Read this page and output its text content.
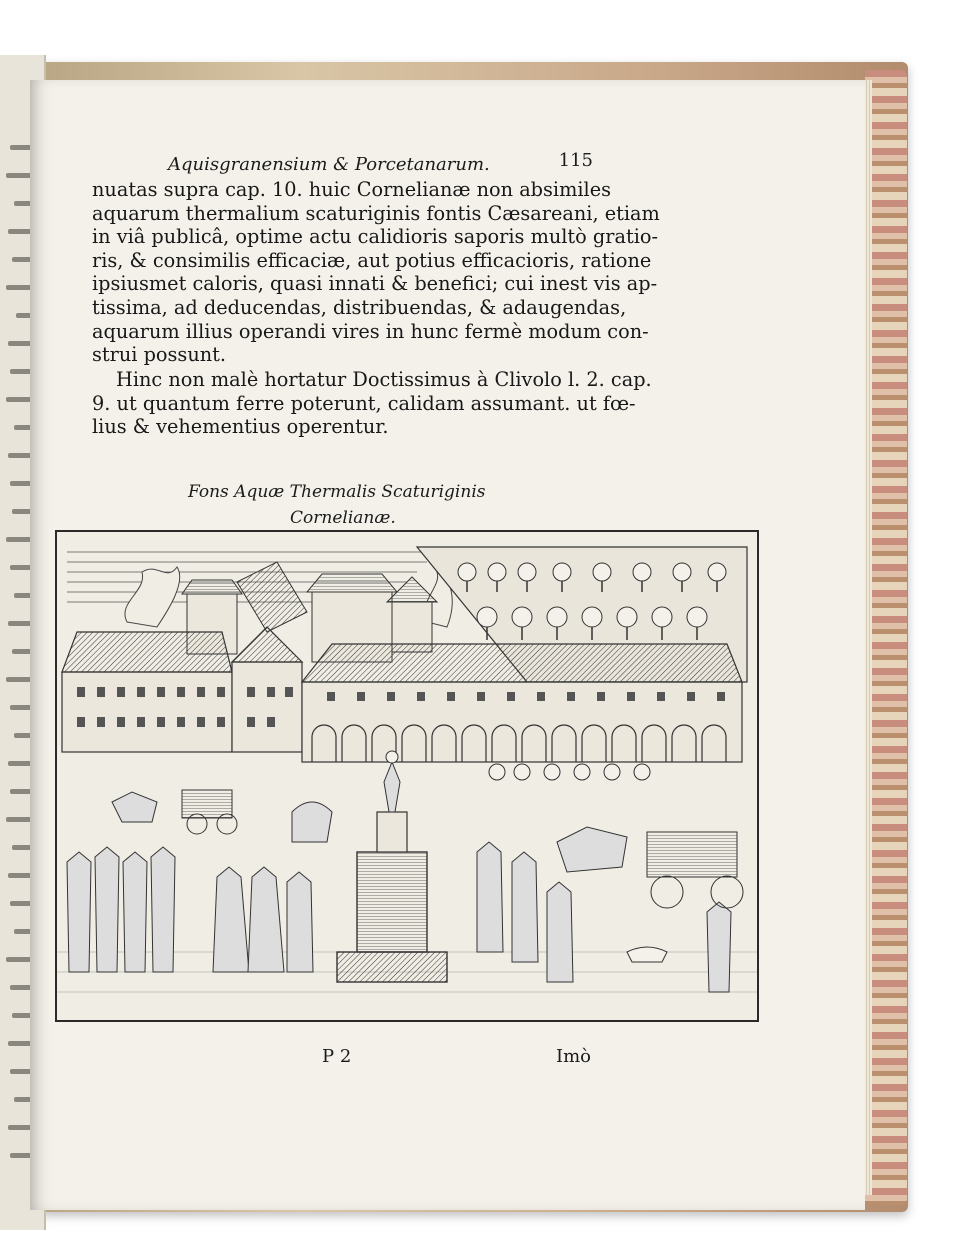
Aquisgranensium & Porcetanarum.	115

nuatas supra cap. 10. huic Cornelianæ non absimiles
aquarum thermalium scaturiginis fontis Cæsareani, etiam
in viâ publicâ, optime actu calidioris saporis multò gratio-
ris, & consimilis efficaciæ, aut potius efficacioris, ratione
ipsiusmet caloris, quasi innati & benefici; cui inest vis ap-
tissima, ad deducendas, distribuendas, & adaugendas,
aquarum illius operandi vires in hunc fermè modum con-
strui possunt.

Hinc non malè hortatur Doctissimus à Clivolo l. 2. cap.
9. ut quantum ferre poterunt, calidam assumant. ut fœ-
lius & vehementius operentur.

Fons Aquæ Thermalis Scaturiginis
Cornelianæ.
P 2	Imò
